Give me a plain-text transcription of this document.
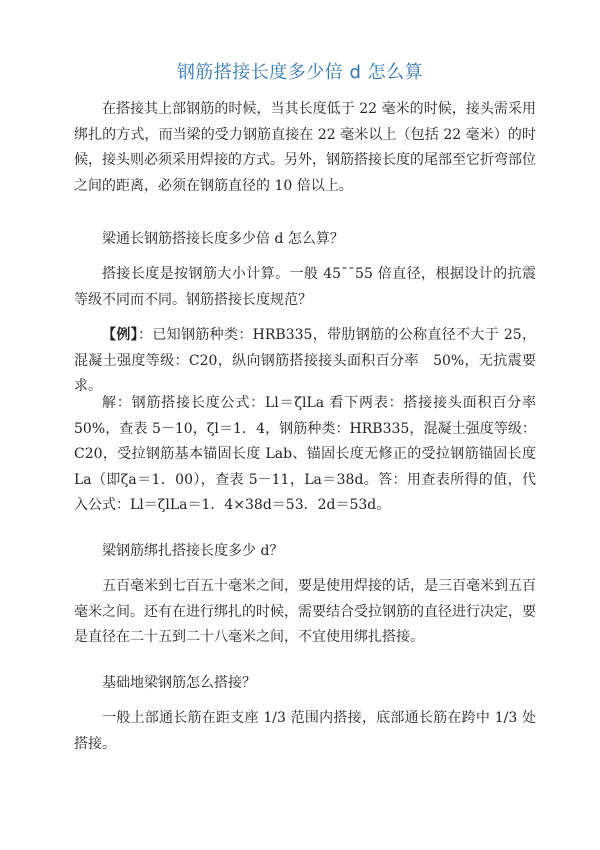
钢筋搭接长度多少倍 d 怎么算

在搭接其上部钢筋的时候，当其长度低于 22 毫米的时候，接头需采用绑扎的方式，而当梁的受力钢筋直接在 22 毫米以上（包括 22 毫米）的时候，接头则必须采用焊接的方式。另外，钢筋搭接长度的尾部至它折弯部位之间的距离，必须在钢筋直径的 10 倍以上。

梁通长钢筋搭接长度多少倍 d 怎么算？

搭接长度是按钢筋大小计算。一般 45¯¯55 倍直径，根据设计的抗震等级不同而不同。钢筋搭接长度规范？

【例】：已知钢筋种类：HRB335，带肋钢筋的公称直径不大于 25，混凝土强度等级：C20，纵向钢筋搭接接头面积百分率　50%，无抗震要求。

解：钢筋搭接长度公式：Ll＝ζlLa 看下两表：搭接接头面积百分率50%，查表 5－10，ζl＝1．4，钢筋种类：HRB335，混凝土强度等级：C20，受拉钢筋基本锚固长度 Lab、锚固长度无修正的受拉钢筋锚固长度La（即ζa＝1．00），查表 5－11，La＝38d。答：用查表所得的值，代入公式：Ll＝ζlLa＝1．4×38d＝53．2d＝53d。

梁钢筋绑扎搭接长度多少 d？

五百毫米到七百五十毫米之间，要是使用焊接的话，是三百毫米到五百毫米之间。还有在进行绑扎的时候，需要结合受拉钢筋的直径进行决定，要是直径在二十五到二十八毫米之间，不宜使用绑扎搭接。

基础地梁钢筋怎么搭接？

一般上部通长筋在距支座 1/3 范围内搭接，底部通长筋在跨中 1/3 处搭接。
